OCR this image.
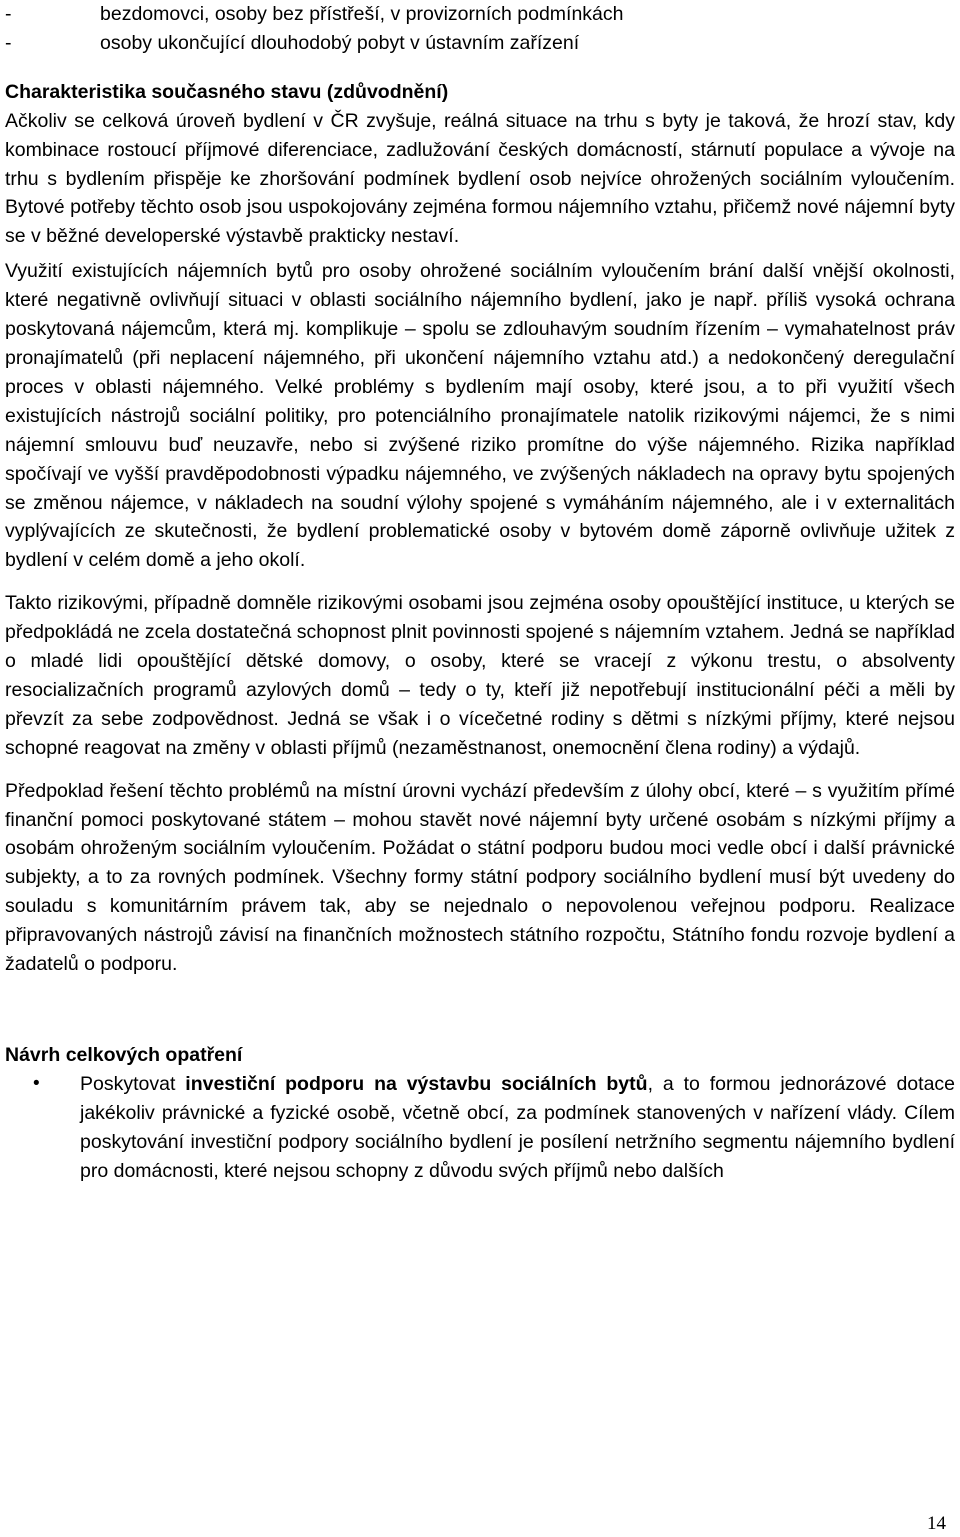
-	bezdomovci, osoby bez přístřeší, v provizorních podmínkách
-	osoby ukončující dlouhodobý pobyt v ústavním zařízení

Charakteristika současného stavu (zdůvodnění)

Ačkoliv se celková úroveň bydlení v ČR zvyšuje, reálná situace na trhu s byty je taková, že hrozí stav, kdy kombinace rostoucí příjmové diferenciace, zadlužování českých domácností, stárnutí populace a vývoje na trhu s bydlením přispěje ke zhoršování podmínek bydlení osob nejvíce ohrožených sociálním vyloučením. Bytové potřeby těchto osob jsou uspokojovány zejména formou nájemního vztahu, přičemž nové nájemní byty se v běžné developerské výstavbě prakticky nestaví.

Využití existujících nájemních bytů pro osoby ohrožené sociálním vyloučením brání další vnější okolnosti, které negativně ovlivňují situaci v oblasti sociálního nájemního bydlení, jako je např. příliš vysoká ochrana poskytovaná nájemcům, která mj. komplikuje – spolu se zdlouhavým soudním řízením – vymahatelnost práv pronajímatelů (při neplacení nájemného, při ukončení nájemního vztahu atd.) a nedokončený deregulační proces v oblasti nájemného. Velké problémy s bydlením mají osoby, které jsou, a to při využití všech existujících nástrojů sociální politiky, pro potenciálního pronajímatele natolik rizikovými nájemci, že s nimi nájemní smlouvu buď neuzavře, nebo si zvýšené riziko promítne do výše nájemného. Rizika například spočívají ve vyšší pravděpodobnosti výpadku nájemného, ve zvýšených nákladech na opravy bytu spojených se změnou nájemce, v nákladech na soudní výlohy spojené s vymáháním nájemného, ale i v externalitách vyplývajících ze skutečnosti, že bydlení problematické osoby v bytovém domě záporně ovlivňuje užitek z bydlení v celém domě a jeho okolí.

Takto rizikovými, případně domněle rizikovými osobami jsou zejména osoby opouštějící instituce, u kterých se předpokládá ne zcela dostatečná schopnost plnit povinnosti spojené s nájemním vztahem. Jedná se například o mladé lidi opouštějící dětské domovy, o osoby, které se vracejí z výkonu trestu, o absolventy resocializačních programů azylových domů – tedy o ty, kteří již nepotřebují institucionální péči a měli by převzít za sebe zodpovědnost. Jedná se však i o vícečetné rodiny s dětmi s nízkými příjmy, které nejsou schopné reagovat na změny v oblasti příjmů (nezaměstnanost, onemocnění člena rodiny) a výdajů.

Předpoklad řešení těchto problémů na místní úrovni vychází především z úlohy obcí, které – s využitím přímé finanční pomoci poskytované státem – mohou stavět nové nájemní byty určené osobám s nízkými příjmy a osobám ohroženým sociálním vyloučením. Požádat o státní podporu budou moci vedle obcí i další právnické subjekty, a to za rovných podmínek. Všechny formy státní podpory sociálního bydlení musí být uvedeny do souladu s komunitárním právem tak, aby se nejednalo o nepovolenou veřejnou podporu. Realizace připravovaných nástrojů závisí na finančních možnostech státního rozpočtu, Státního fondu rozvoje bydlení a žadatelů o podporu.

Návrh celkových opatření

• Poskytovat investiční podporu na výstavbu sociálních bytů, a to formou jednorázové dotace jakékoliv právnické a fyzické osobě, včetně obcí, za podmínek stanovených v nařízení vlády. Cílem poskytování investiční podpory sociálního bydlení je posílení netržního segmentu nájemního bydlení pro domácnosti, které nejsou schopny z důvodu svých příjmů nebo dalších
14
